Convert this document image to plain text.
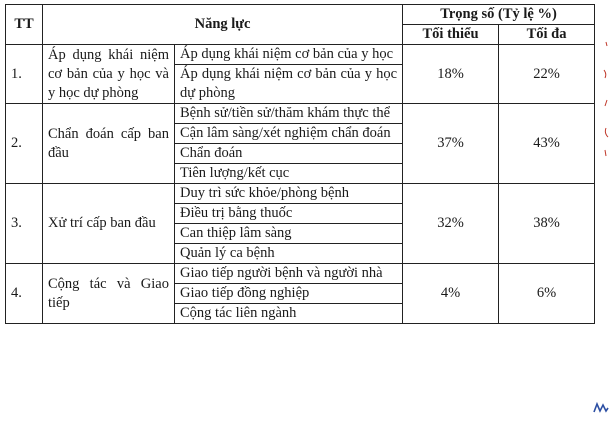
TT	Năng lực		Trọng số (Tỷ lệ %)	
			Tối thiểu	Tối đa
1.	Áp dụng khái niệm cơ bản của y học và y học dự phòng	Áp dụng khái niệm cơ bản của y học	18%	22%
		Áp dụng khái niệm cơ bản của y học dự phòng		
2.	Chẩn đoán cấp ban đầu	Bệnh sử/tiền sử/thăm khám thực thể	37%	43%
		Cận lâm sàng/xét nghiệm chẩn đoán		
		Chẩn đoán		
		Tiên lượng/kết cục		
3.	Xử trí cấp ban đầu	Duy trì sức khỏe/phòng bệnh	32%	38%
		Điều trị bằng thuốc		
		Can thiệp lâm sàng		
		Quản lý ca bệnh		
4.	Cộng tác và Giao tiếp	Giao tiếp người bệnh và người nhà	4%	6%
		Giao tiếp đồng nghiệp		
		Cộng tác liên ngành		
